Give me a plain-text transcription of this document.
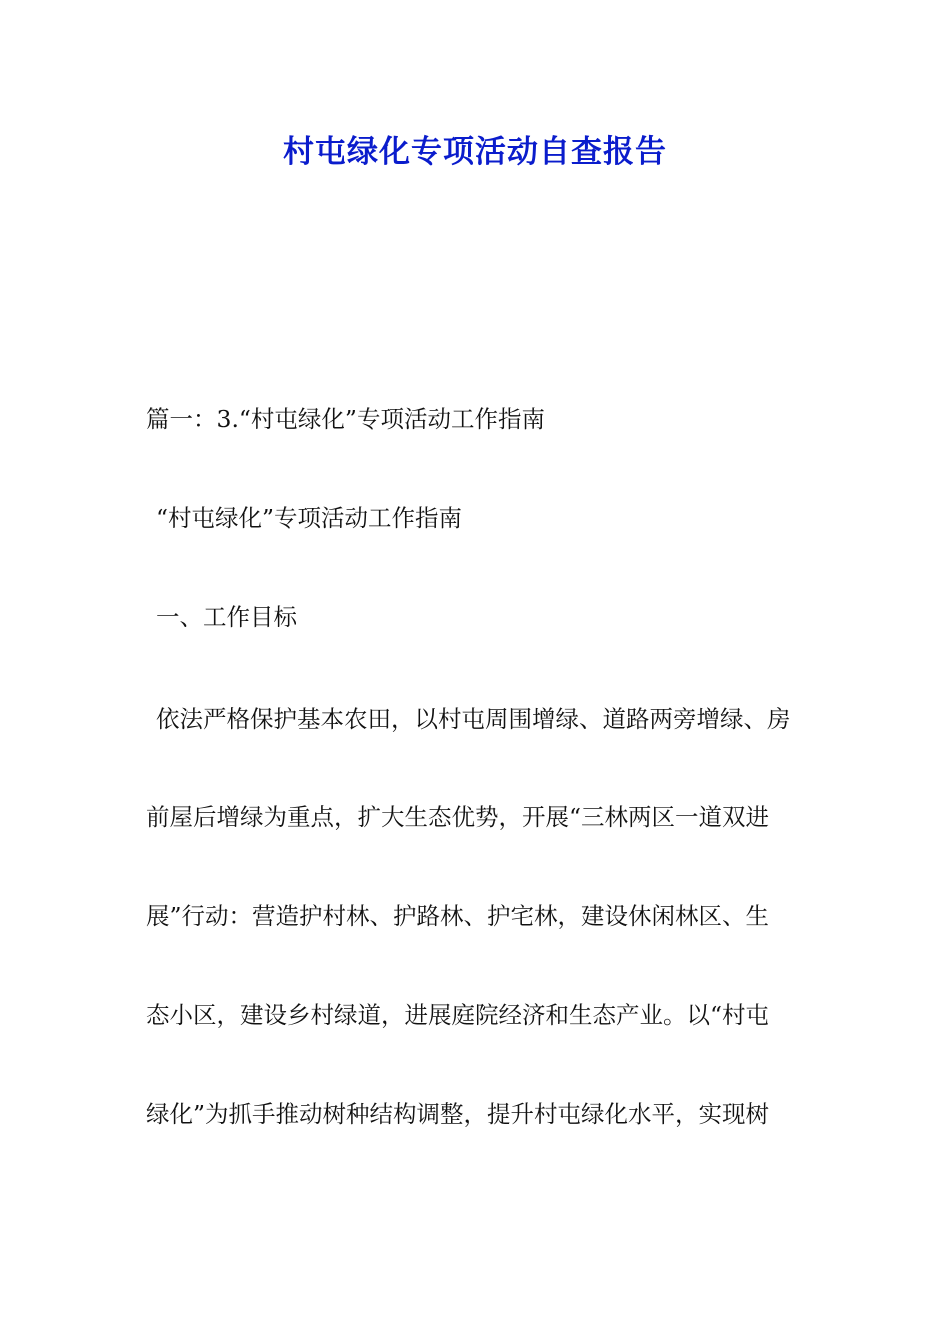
村屯绿化专项活动自查报告
篇一：3.“村屯绿化”专项活动工作指南
“村屯绿化”专项活动工作指南
一、工作目标
依法严格保护基本农田，以村屯周围增绿、道路两旁增绿、房
前屋后增绿为重点，扩大生态优势，开展“三林两区一道双进
展”行动：营造护村林、护路林、护宅林，建设休闲林区、生
态小区，建设乡村绿道，进展庭院经济和生态产业。以“村屯
绿化”为抓手推动树种结构调整，提升村屯绿化水平，实现树
